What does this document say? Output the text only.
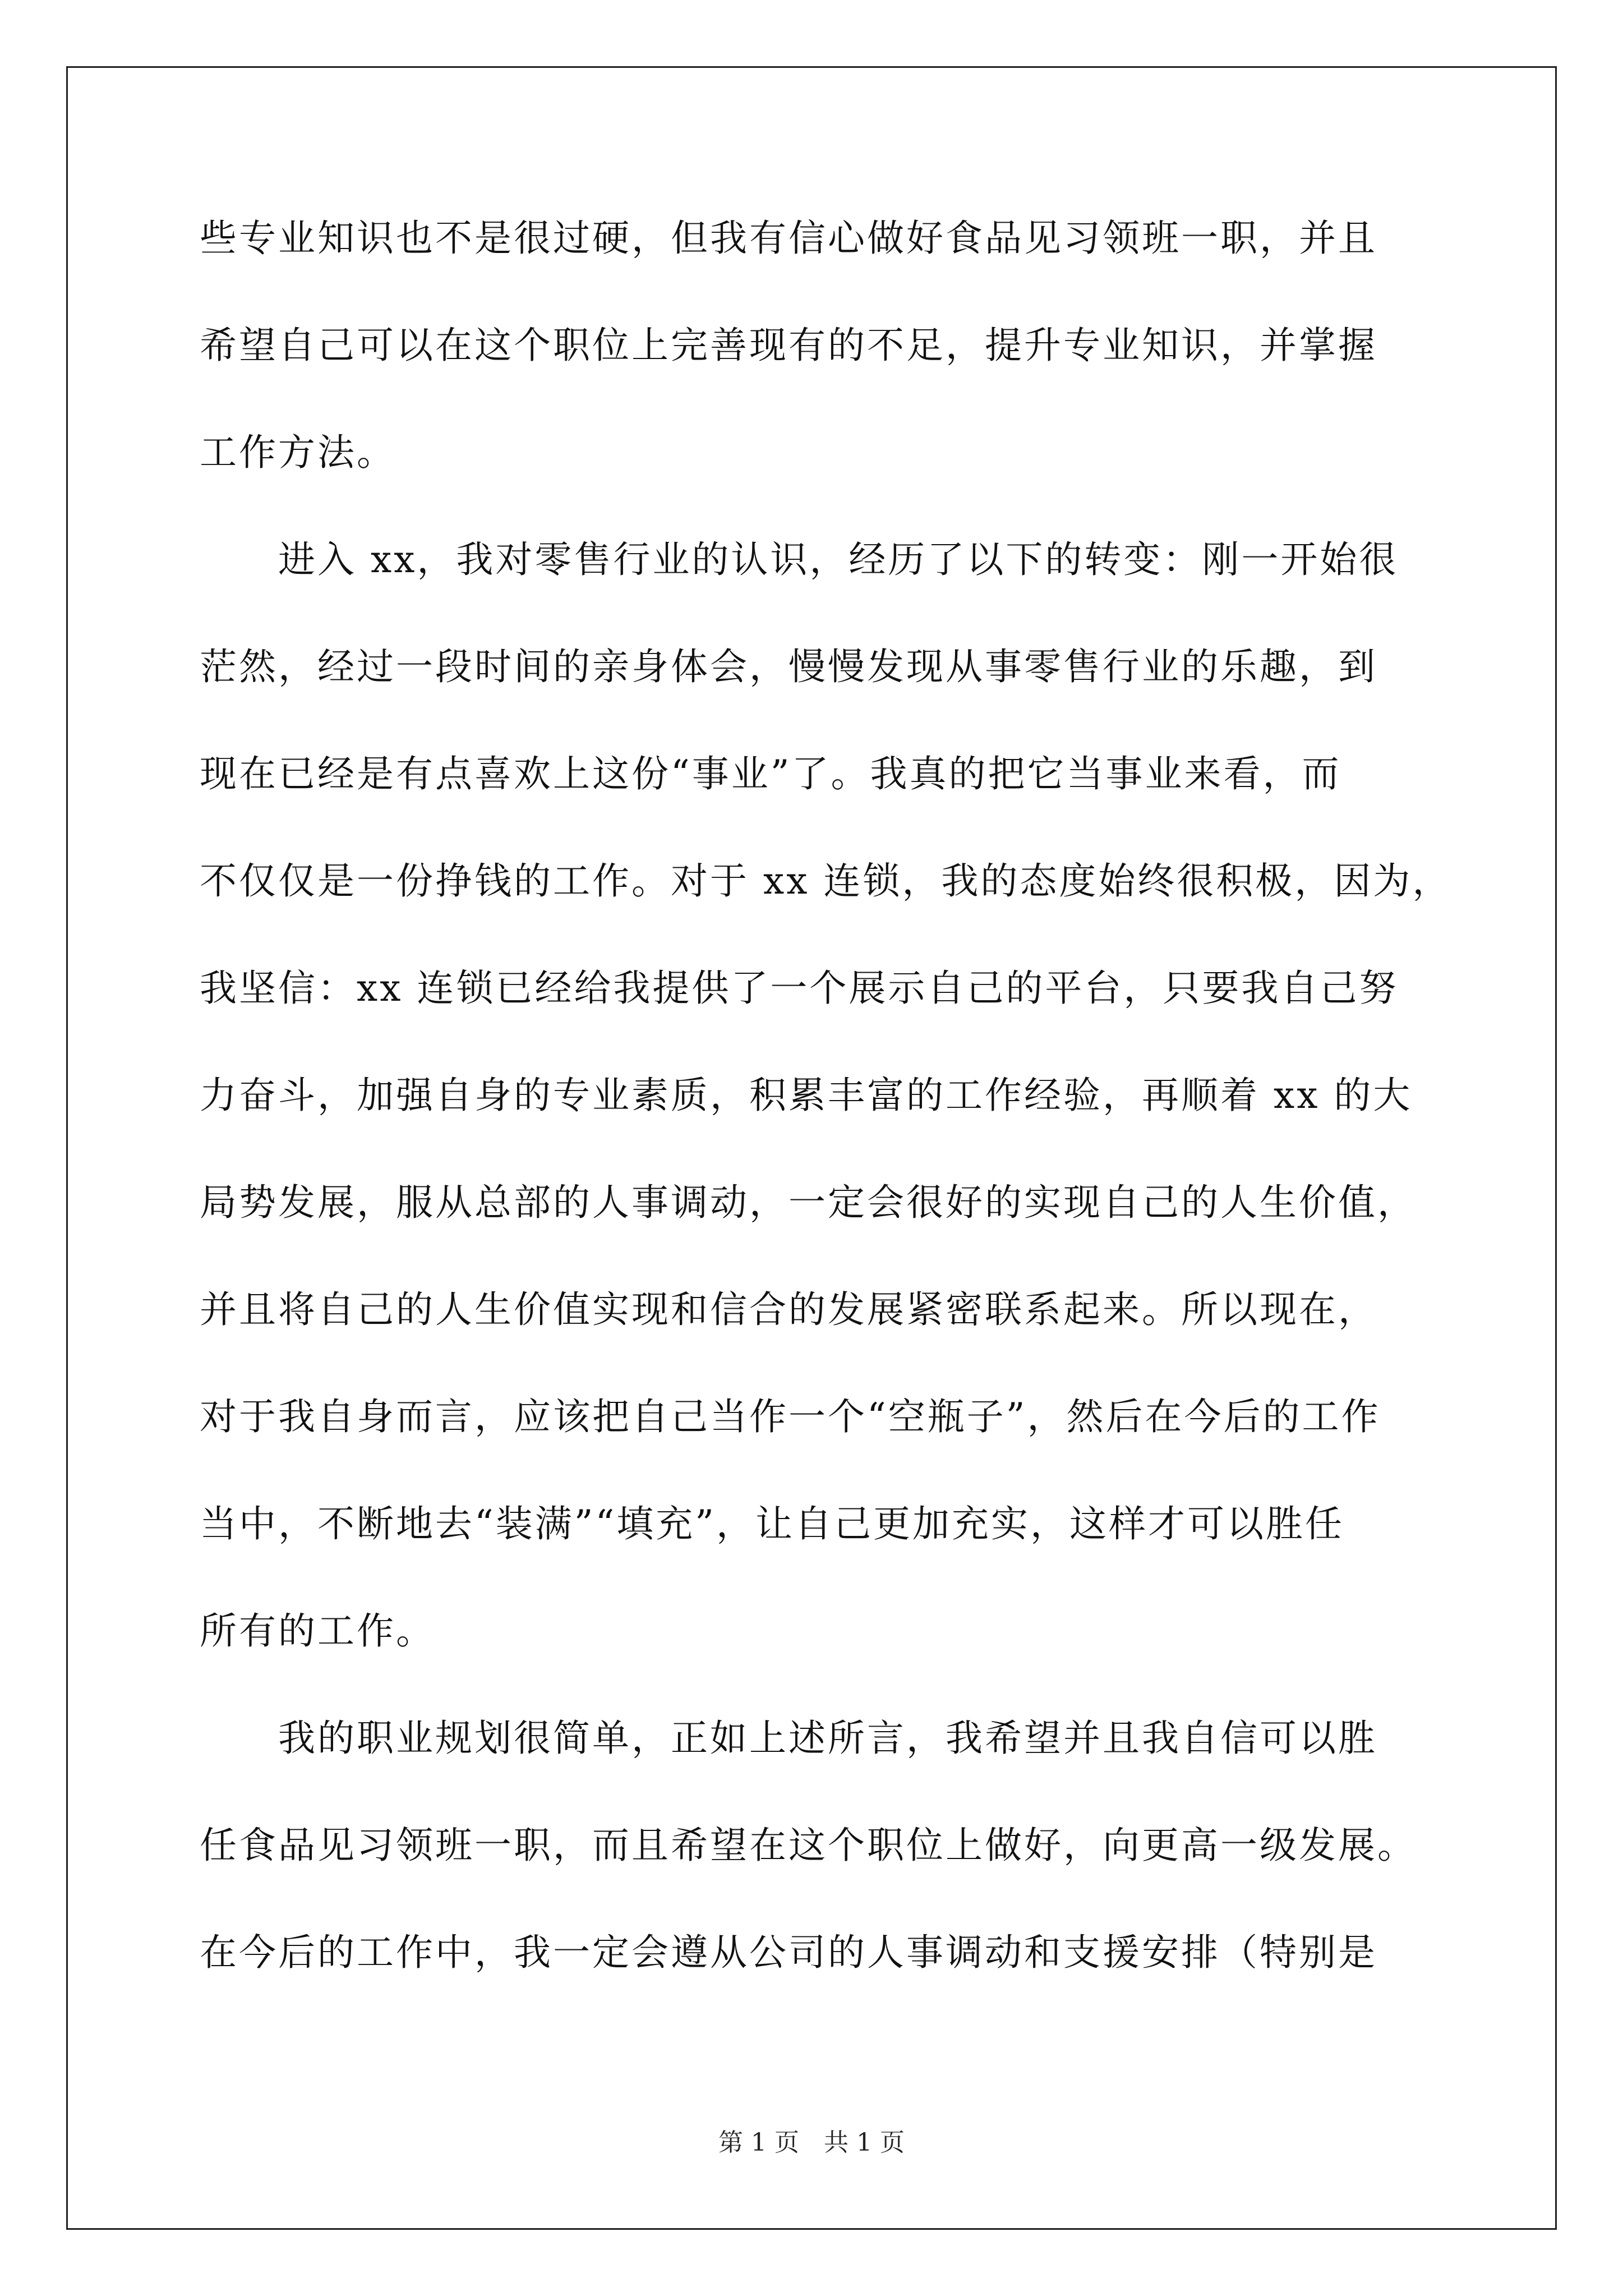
些专业知识也不是很过硬，但我有信心做好食品见习领班一职，并且
希望自己可以在这个职位上完善现有的不足，提升专业知识，并掌握
工作方法。
进入 xx，我对零售行业的认识，经历了以下的转变：刚一开始很
茫然，经过一段时间的亲身体会，慢慢发现从事零售行业的乐趣，到
现在已经是有点喜欢上这份“事业”了。我真的把它当事业来看，而
不仅仅是一份挣钱的工作。对于 xx 连锁，我的态度始终很积极，因为，
我坚信：xx 连锁已经给我提供了一个展示自己的平台，只要我自己努
力奋斗，加强自身的专业素质，积累丰富的工作经验，再顺着 xx 的大
局势发展，服从总部的人事调动，一定会很好的实现自己的人生价值，
并且将自己的人生价值实现和信合的发展紧密联系起来。所以现在，
对于我自身而言，应该把自己当作一个“空瓶子”，然后在今后的工作
当中，不断地去“装满”“填充”，让自己更加充实，这样才可以胜任
所有的工作。
我的职业规划很简单，正如上述所言，我希望并且我自信可以胜
任食品见习领班一职，而且希望在这个职位上做好，向更高一级发展。
在今后的工作中，我一定会遵从公司的人事调动和支援安排（特别是
第 1 页　共 1 页
